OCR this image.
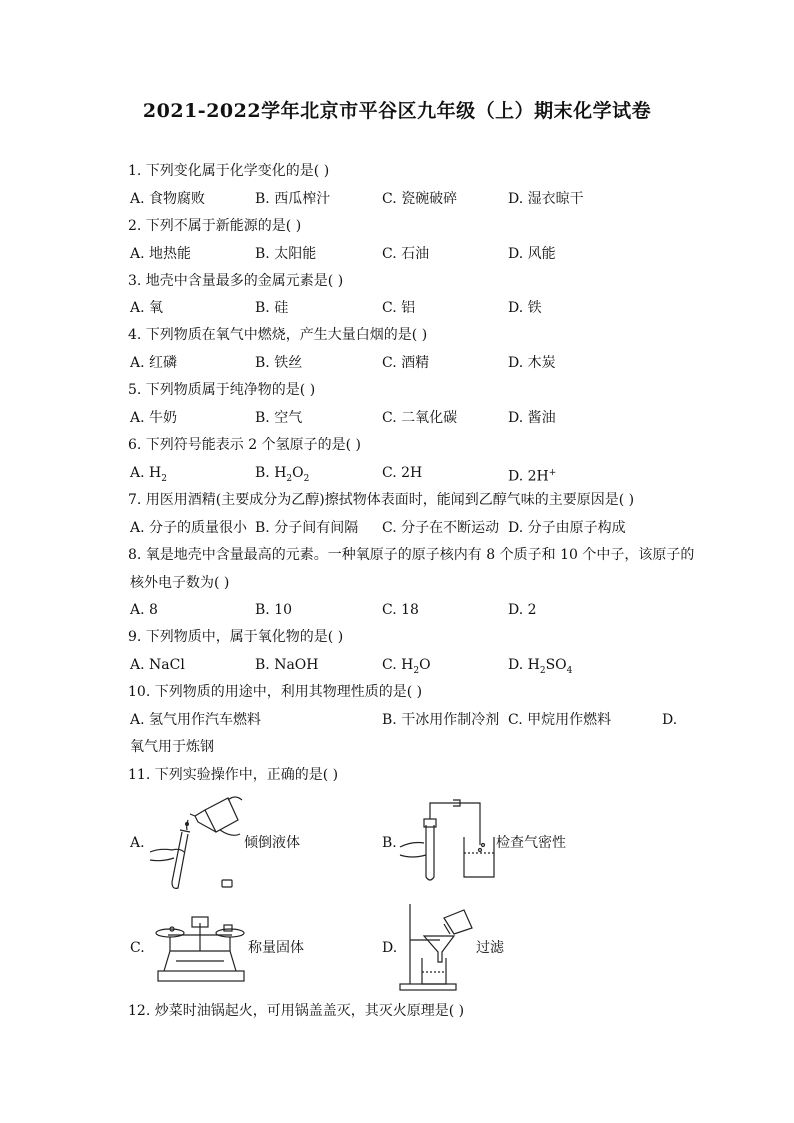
2021-2022学年北京市平谷区九年级（上）期末化学试卷
1. 下列变化属于化学变化的是( )
A. 食物腐败	B. 西瓜榨汁	C. 瓷碗破碎	D. 湿衣晾干
2. 下列不属于新能源的是( )
A. 地热能	B. 太阳能	C. 石油	D. 风能
3. 地壳中含量最多的金属元素是( )
A. 氧	B. 硅	C. 铝	D. 铁
4. 下列物质在氧气中燃烧，产生大量白烟的是( )
A. 红磷	B. 铁丝	C. 酒精	D. 木炭
5. 下列物质属于纯净物的是( )
A. 牛奶	B. 空气	C. 二氧化碳	D. 酱油
6. 下列符号能表示 2 个氢原子的是( )
A. $H_2$	B. $H_2O_2$	C. 2H	D. 2H+
7. 用医用酒精(主要成分为乙醇)擦拭物体表面时，能闻到乙醇气味的主要原因是( )
A. 分子的质量很小 B. 分子间有间隔 C. 分子在不断运动 D. 分子由原子构成
8. 氧是地壳中含量最高的元素。一种氧原子的原子核内有 8 个质子和 10 个中子，该原子的
核外电子数为( )
A. 8	B. 10	C. 18	D. 2
9. 下列物质中，属于氧化物的是( )
A. NaCl	B. NaOH	C. $H_2O$	D. $H_2SO_4$
10. 下列物质的用途中，利用其物理性质的是( )
A. 氢气用作汽车燃料	B. 干冰用作制冷剂 C. 甲烷用作燃料	D.
氧气用于炼钢
11. 下列实验操作中，正确的是( )
A.	倾倒液体	B.	检查气密性
C.	称量固体	D.	过滤
12. 炒菜时油锅起火，可用锅盖盖灭，其灭火原理是( )
